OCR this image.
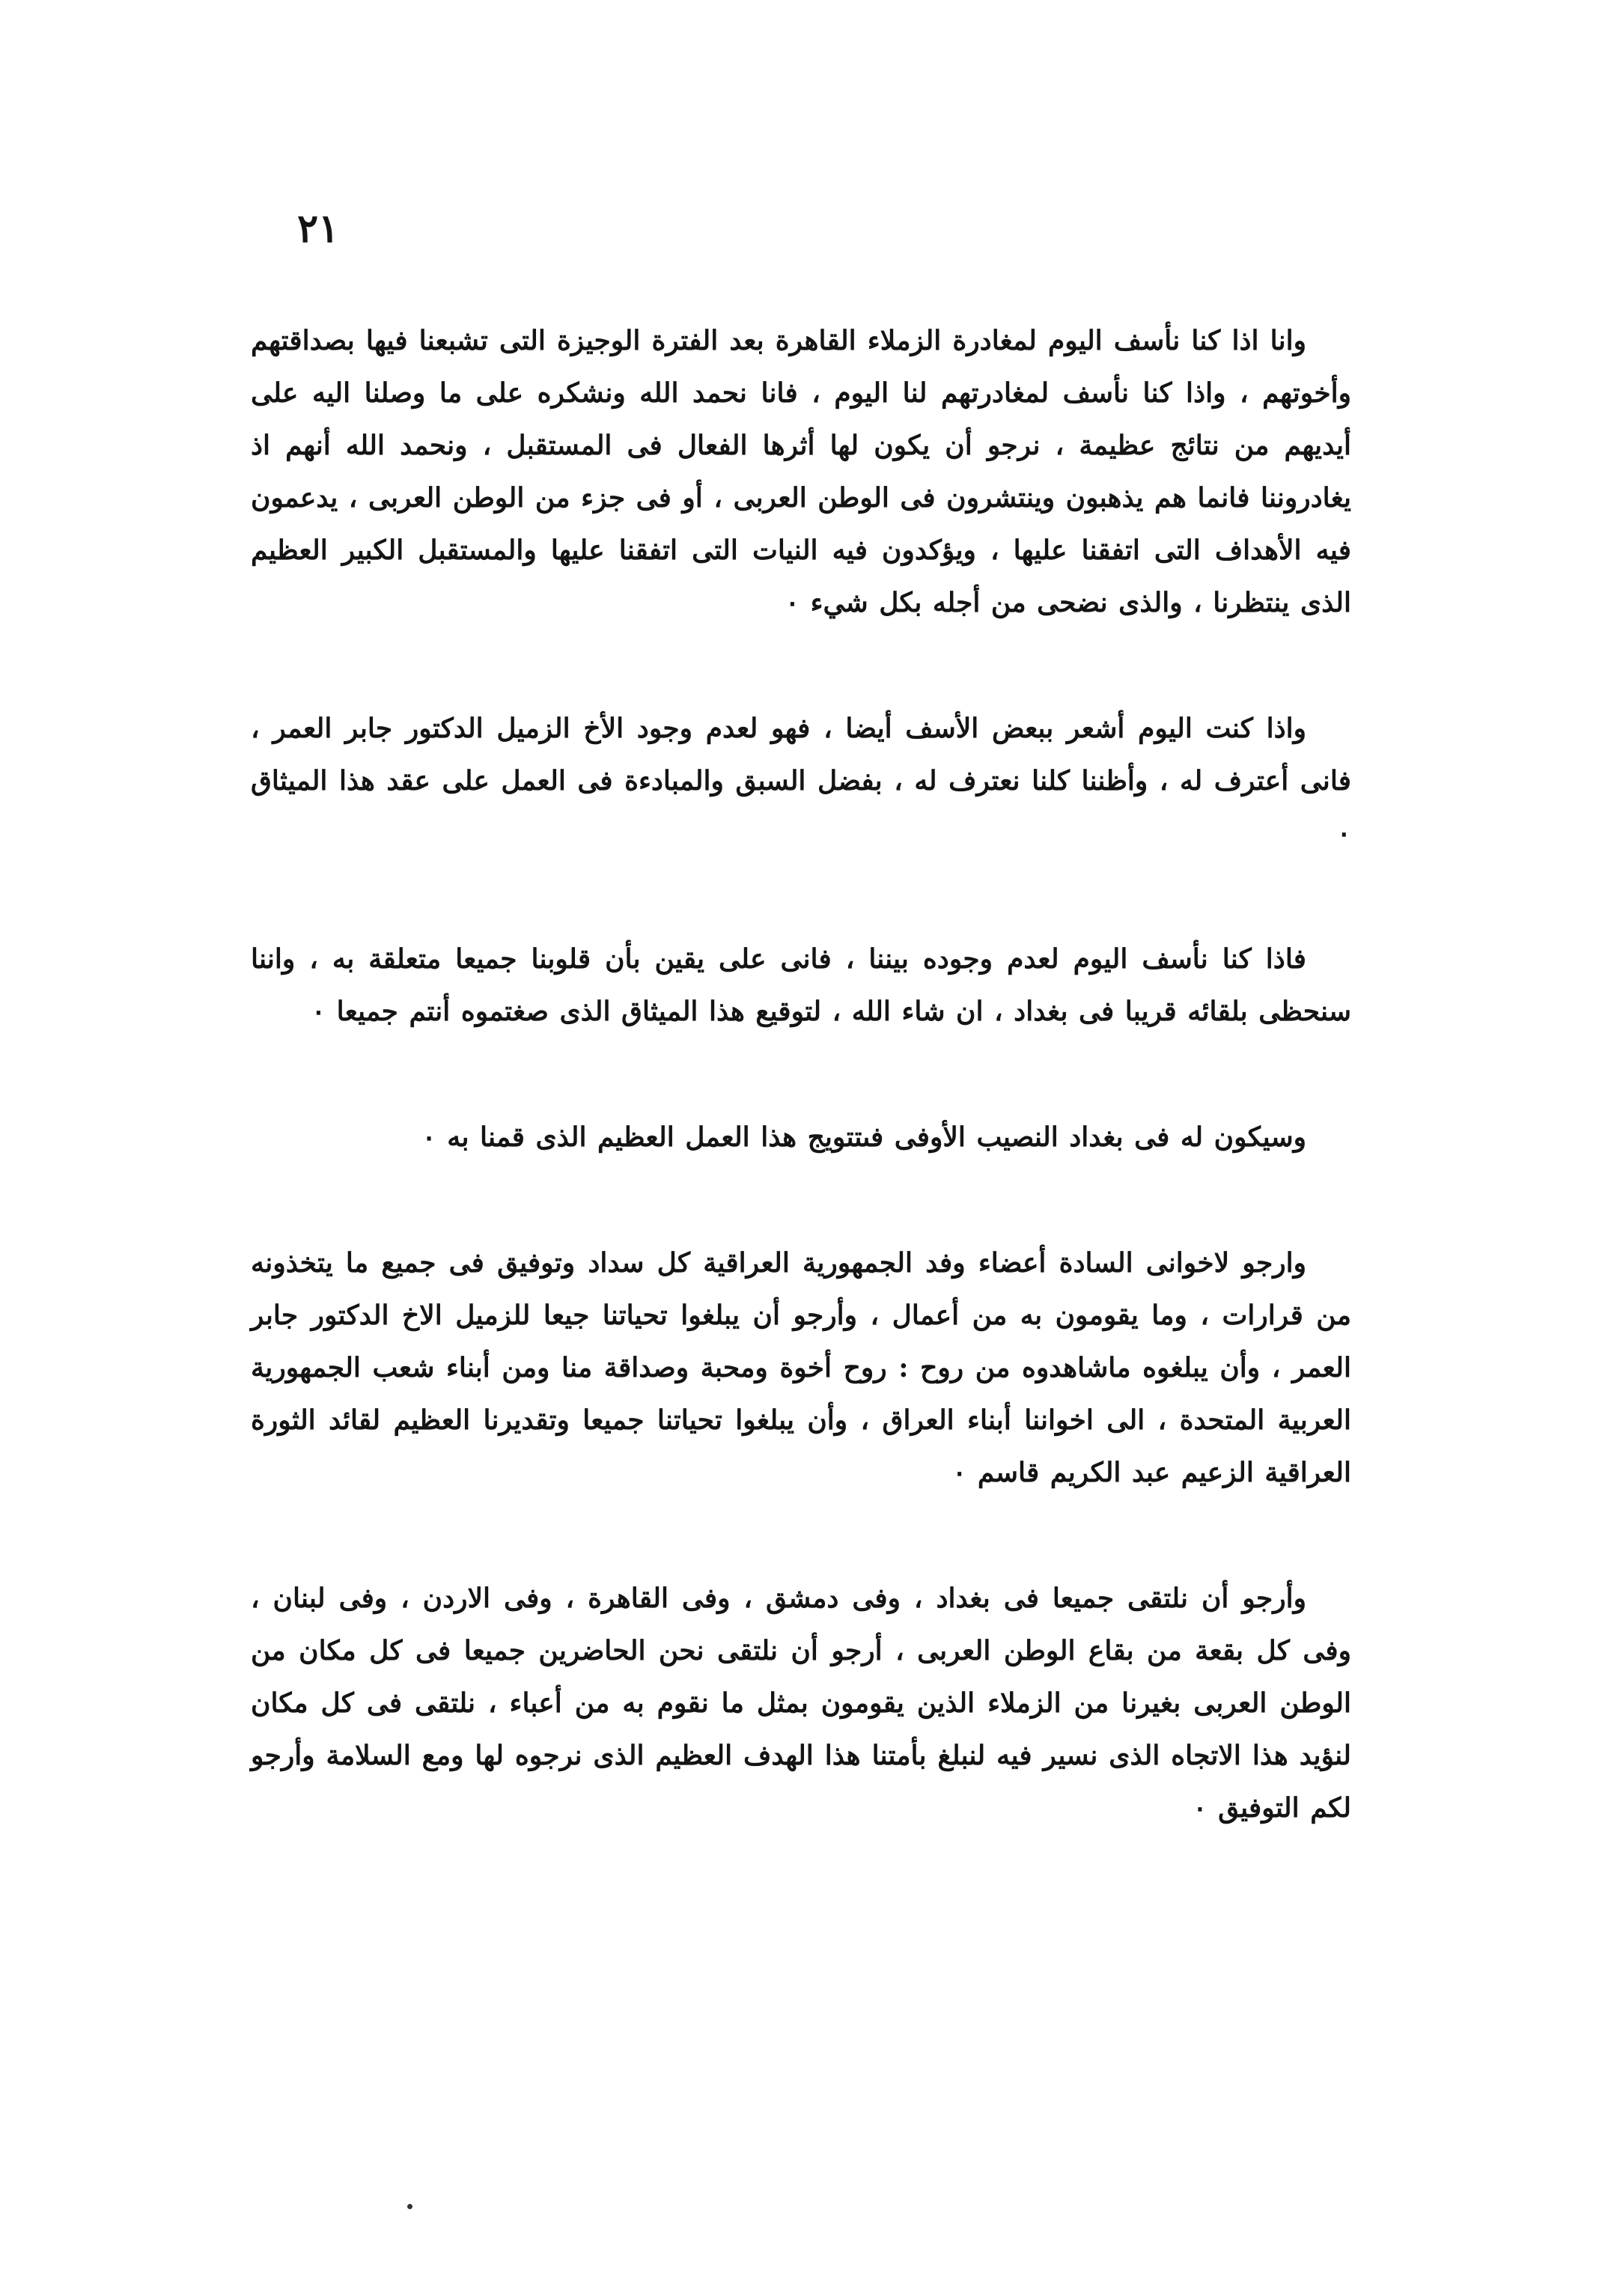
٢١

وانا اذا كنا نأسف اليوم لمغادرة الزملاء القاهرة بعد الفترة الوجيزة التى تشبعنا فيها بصداقتهم وأخوتهم ، واذا كنا نأسف لمغادرتهم لنا اليوم ، فانا نحمد الله ونشكره على ما وصلنا اليه على أيديهم من نتائج عظيمة ، نرجو أن يكون لها أثرها الفعال فى المستقبل ، ونحمد الله أنهم اذ يغادروننا فانما هم يذهبون وينتشرون فى الوطن العربى ، أو فى جزء من الوطن العربى ، يدعمون فيه الأهداف التى اتفقنا عليها ، ويؤكدون فيه النيات التى اتفقنا عليها والمستقبل الكبير العظيم الذى ينتظرنا ، والذى نضحى من أجله بكل شيء ٠

واذا كنت اليوم أشعر ببعض الأسف أيضا ، فهو لعدم وجود الأخ الزميل الدكتور جابر العمر ، فانى أعترف له ، وأظننا كلنا نعترف له ، بفضل السبق والمبادءة فى العمل على عقد هذا الميثاق ٠

فاذا كنا نأسف اليوم لعدم وجوده بيننا ، فانى على يقين بأن قلوبنا جميعا متعلقة به ، واننا سنحظى بلقائه قريبا فى بغداد ، ان شاء الله ، لتوقيع هذا الميثاق الذى صغتموه أنتم جميعا ٠

وسيكون له فى بغداد النصيب الأوفى فىتتويج هذا العمل العظيم الذى قمنا به ٠

وارجو لاخوانى السادة أعضاء وفد الجمهورية العراقية كل سداد وتوفيق فى جميع ما يتخذونه من قرارات ، وما يقومون به من أعمال ، وأرجو أن يبلغوا تحياتنا جيعا للزميل الاخ الدكتور جابر العمر ، وأن يبلغوه ماشاهدوه من روح : روح أخوة ومحبة وصداقة منا ومن أبناء شعب الجمهورية العربية المتحدة ، الى اخواننا أبناء العراق ، وأن يبلغوا تحياتنا جميعا وتقديرنا العظيم لقائد الثورة العراقية الزعيم عبد الكريم قاسم ٠

وأرجو أن نلتقى جميعا فى بغداد ، وفى دمشق ، وفى القاهرة ، وفى الاردن ، وفى لبنان ، وفى كل بقعة من بقاع الوطن العربى ، أرجو أن نلتقى نحن الحاضرين جميعا فى كل مكان من الوطن العربى بغيرنا من الزملاء الذين يقومون بمثل ما نقوم به من أعباء ، نلتقى فى كل مكان لنؤيد هذا الاتجاه الذى نسير فيه لنبلغ بأمتنا هذا الهدف العظيم الذى نرجوه لها ومع السلامة وأرجو لكم التوفيق ٠
